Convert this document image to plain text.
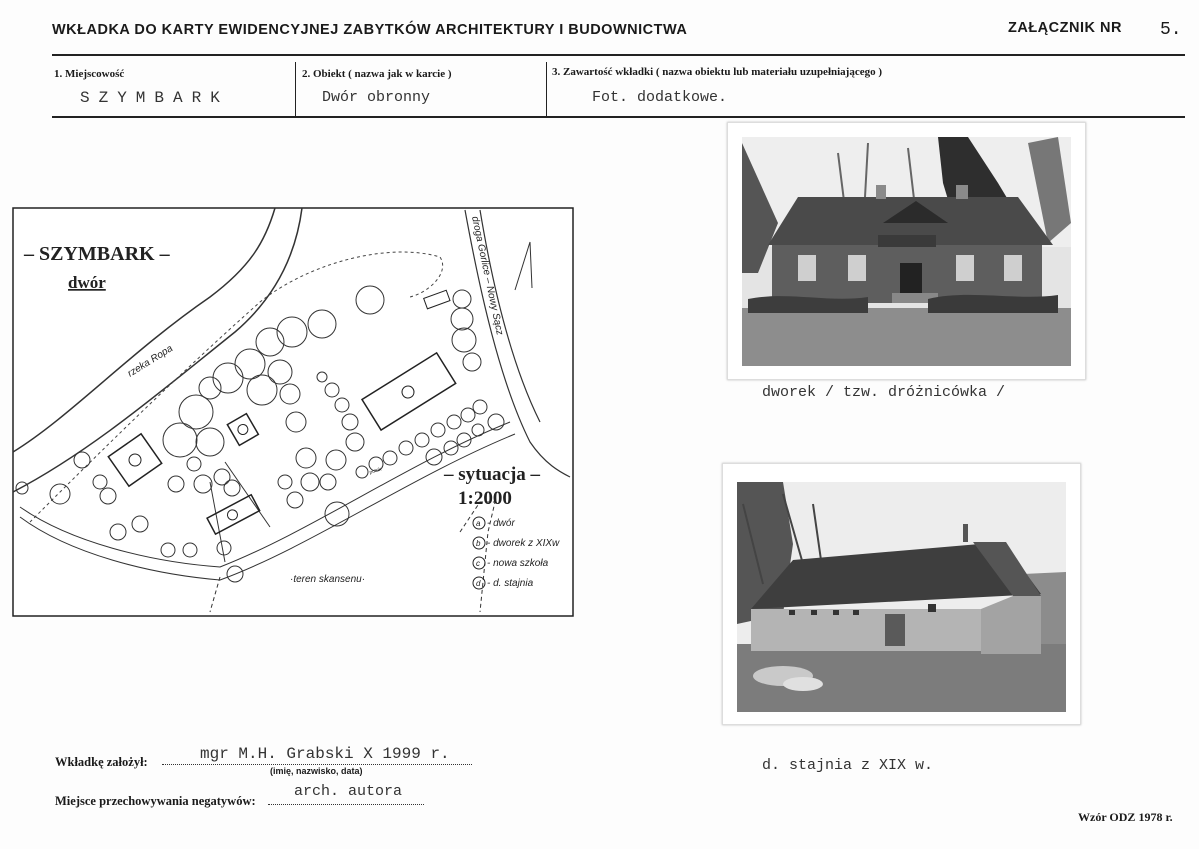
WKŁADKA DO KARTY EWIDENCYJNEJ ZABYTKÓW ARCHITEKTURY I BUDOWNICTWA	ZAŁĄCZNIK NR 5.
1. Miejscowość
SZYMBARK
2. Obiekt ( nazwa jak w karcie )
Dwór obronny
3. Zawartość wkładki ( nazwa obiektu lub materiału uzupełniającego )
Fot. dodatkowe.
– SZYMBARK –
dwór
rzeka Ropa
droga Gorlice – Nowy Sącz
– sytuacja –
1:2000
·teren skansenu·
potok
a - dwór
b - dworek z XIXw
c - nowa szkoła
d - d. stajnia
dworek / tzw. dróżnicówka /
d. stajnia z XIX w.
Wkładkę założył:	mgr M.H. Grabski X 1999 r.
(imię, nazwisko, data)
Miejsce przechowywania negatywów:
arch. autora
Wzór ODZ 1978 r.
